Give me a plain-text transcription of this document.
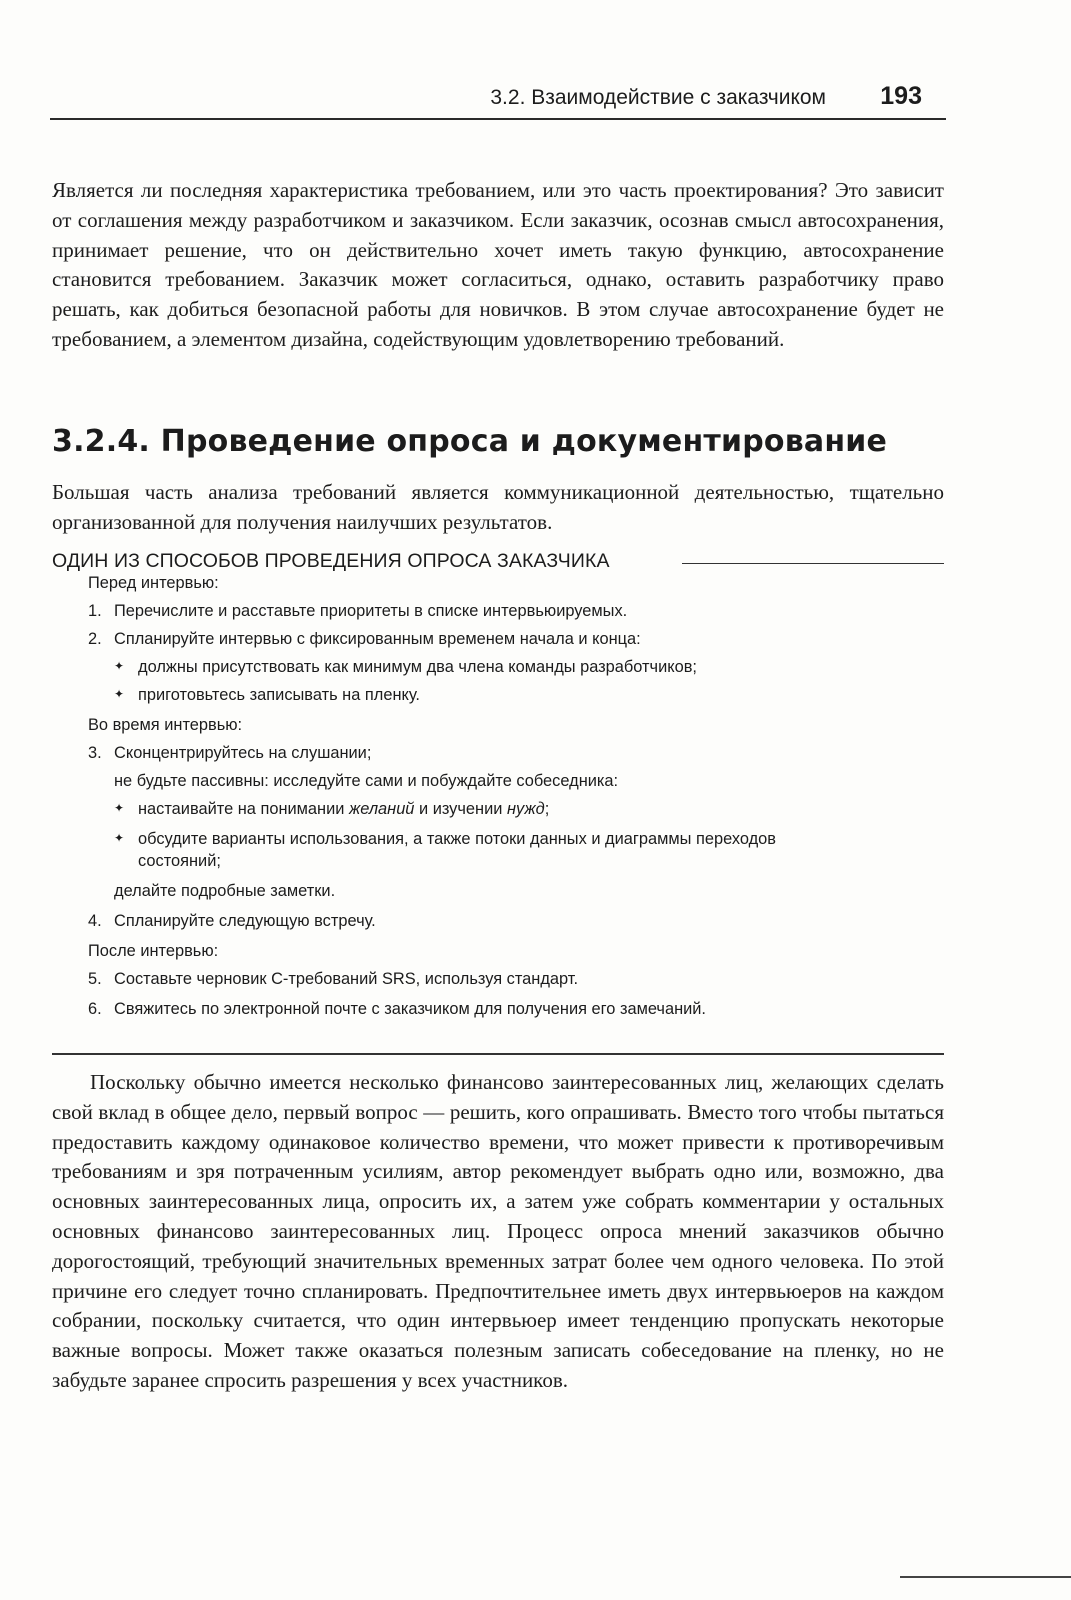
3.2. Взаимодействие с заказчиком 193

Является ли последняя характеристика требованием, или это часть проектирования? Это зависит от соглашения между разработчиком и заказчиком. Если заказчик, осознав смысл автосохранения, принимает решение, что он действительно хочет иметь такую функцию, автосохранение становится требованием. Заказчик может согласиться, однако, оставить разработчику право решать, как добиться безопасной работы для новичков. В этом случае автосохранение будет не требованием, а элементом дизайна, содействующим удовлетворению требований.

3.2.4. Проведение опроса и документирование

Большая часть анализа требований является коммуникационной деятельностью, тщательно организованной для получения наилучших результатов.

ОДИН ИЗ СПОСОБОВ ПРОВЕДЕНИЯ ОПРОСА ЗАКАЗЧИКА
Перед интервью:
1. Перечислите и расставьте приоритеты в списке интервьюируемых.
2. Спланируйте интервью с фиксированным временем начала и конца:
✦ должны присутствовать как минимум два члена команды разработчиков;
✦ приготовьтесь записывать на пленку.
Во время интервью:
3. Сконцентрируйтесь на слушании;
не будьте пассивны: исследуйте сами и побуждайте собеседника:
✦ настаивайте на понимании желаний и изучении нужд;
✦ обсудите варианты использования, а также потоки данных и диаграммы переходов
состояний;
делайте подробные заметки.
4. Спланируйте следующую встречу.
После интервью:
5. Составьте черновик С-требований SRS, используя стандарт.
6. Свяжитесь по электронной почте с заказчиком для получения его замечаний.

Поскольку обычно имеется несколько финансово заинтересованных лиц, желающих сделать свой вклад в общее дело, первый вопрос — решить, кого опрашивать. Вместо того чтобы пытаться предоставить каждому одинаковое количество времени, что может привести к противоречивым требованиям и зря потраченным усилиям, автор рекомендует выбрать одно или, возможно, два основных заинтересованных лица, опросить их, а затем уже собрать комментарии у остальных основных финансово заинтересованных лиц. Процесс опроса мнений заказчиков обычно дорогостоящий, требующий значительных временных затрат более чем одного человека. По этой причине его следует точно спланировать. Предпочтительнее иметь двух интервьюеров на каждом собрании, поскольку считается, что один интервьюер имеет тенденцию пропускать некоторые важные вопросы. Может также оказаться полезным записать собеседование на пленку, но не забудьте заранее спросить разрешения у всех участников.
